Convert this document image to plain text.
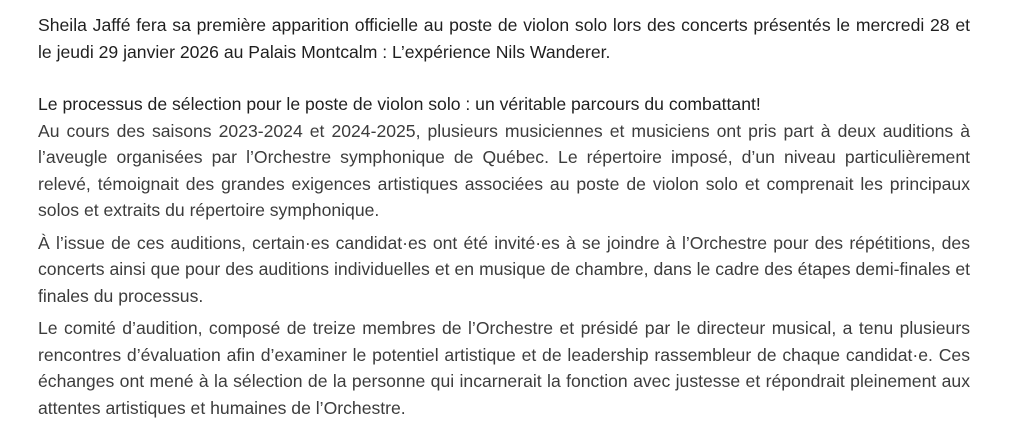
Sheila Jaffé fera sa première apparition officielle au poste de violon solo lors des concerts présentés le mercredi 28 et le jeudi 29 janvier 2026 au Palais Montcalm : L’expérience Nils Wanderer.

Le processus de sélection pour le poste de violon solo : un véritable parcours du combattant!

Au cours des saisons 2023-2024 et 2024-2025, plusieurs musiciennes et musiciens ont pris part à deux auditions à l’aveugle organisées par l’Orchestre symphonique de Québec. Le répertoire imposé, d’un niveau particulièrement relevé, témoignait des grandes exigences artistiques associées au poste de violon solo et comprenait les principaux solos et extraits du répertoire symphonique.

À l’issue de ces auditions, certain·es candidat·es ont été invité·es à se joindre à l’Orchestre pour des répétitions, des concerts ainsi que pour des auditions individuelles et en musique de chambre, dans le cadre des étapes demi-finales et finales du processus.

Le comité d’audition, composé de treize membres de l’Orchestre et présidé par le directeur musical, a tenu plusieurs rencontres d’évaluation afin d’examiner le potentiel artistique et de leadership rassembleur de chaque candidat·e. Ces échanges ont mené à la sélection de la personne qui incarnerait la fonction avec justesse et répondrait pleinement aux attentes artistiques et humaines de l’Orchestre.
